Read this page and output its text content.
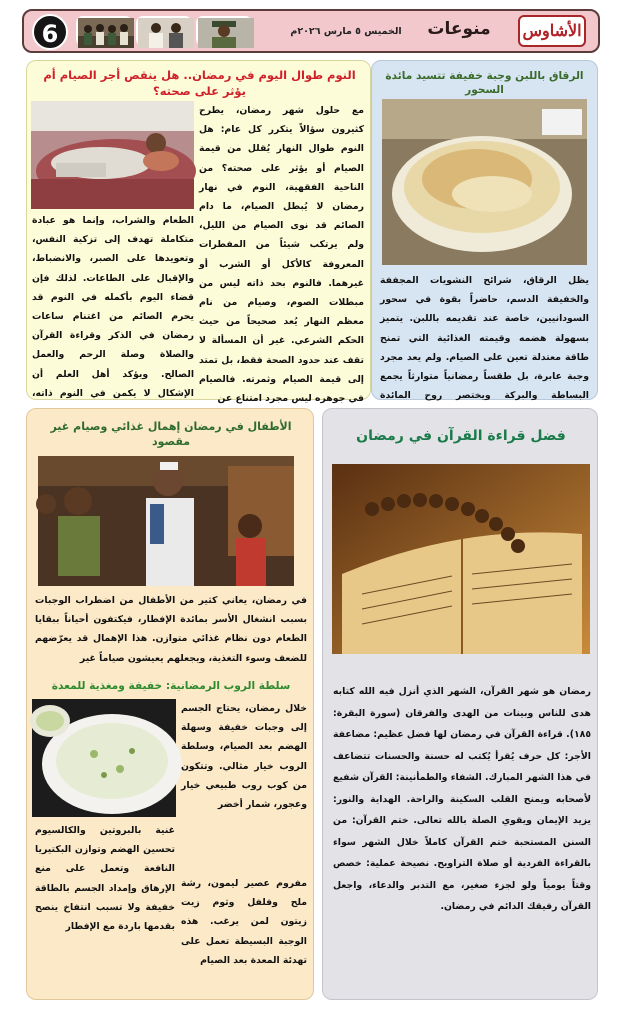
6	الخميس ٥ مارس ٢٠٢٦م	منوعات	الأشاوس
النوم طوال اليوم في رمضان.. هل ينقص أجر الصيام أم يؤثر على صحته؟
مع حلول شهر رمضان، يطرح كثيرون سؤالاً يتكرر كل عام: هل النوم طوال النهار يُقلل من قيمة الصيام أو يؤثر على صحته؟ من الناحية الفقهية، النوم في نهار رمضان لا يُبطل الصيام، ما دام الصائم قد نوى الصيام من الليل، ولم يرتكب شيئاً من المفطرات المعروفة كالأكل أو الشرب أو غيرهما. فالنوم بحد ذاته ليس من مبطلات الصوم، وصيام من نام معظم النهار يُعد صحيحاً من حيث الحكم الشرعي. غير أن المسألة لا تقف عند حدود الصحة فقط، بل تمتد إلى قيمة الصيام وثمرته. فالصيام في جوهره ليس مجرد امتناع عن
الطعام والشراب، وإنما هو عبادة متكاملة تهدف إلى تزكية النفس، وتعويدها على الصبر، والانضباط، والإقبال على الطاعات. لذلك فإن قضاء اليوم بأكمله في النوم قد يحرم الصائم من اغتنام ساعات رمضان في الذكر وقراءة القرآن والصلاة وصلة الرحم والعمل الصالح. ويؤكد أهل العلم أن الإشكال لا يكمن في النوم ذاته،
الرقاق باللبن وجبة خفيفة تتسيد مائدة السحور
يظل الرقاق، شرائح النشويات المجففة والخفيفة الدسم، حاضراً بقوة في سحور السودانيين، خاصة عند تقديمه باللبن. يتميز بسهولة هضمه وقيمته الغذائية التي تمنح طاقة معتدلة تعين على الصيام. ولم يعد مجرد وجبة عابرة، بل طقساً رمضانياً متوارثاً يجمع البساطة والبركة ويختصر روح المائدة
الأطفال في رمضان إهمال غذائي وصيام غير مقصود
في رمضان، يعاني كثير من الأطفال من اضطراب الوجبات بسبب انشغال الأسر بمائدة الإفطار، فيكتفون أحياناً ببقايا الطعام دون نظام غذائي متوازن. هذا الإهمال قد يعرّضهم للضعف وسوء التغذية، ويجعلهم يعيشون صياماً غير
سلطة الروب الرمضانية: خفيفة ومغذية للمعدة
خلال رمضان، يحتاج الجسم إلى وجبات خفيفة وسهلة الهضم بعد الصيام، وسلطة الروب خيار مثالي. وتتكون من كوب روب طبيعي خيار وعجور، شمار أخضر
غنية بالبروتين والكالسيوم تحسين الهضم وتوازن البكتيريا النافعة وتعمل على منع الإرهاق وإمداد الجسم بالطاقة خفيفة ولا تسبب انتفاخ ينصح بقدمها باردة مع الإفطار
مفروم عصير ليمون، رشة ملح وفلفل وثوم زيت زيتون لمن يرغب. هذه الوجبة البسيطة تعمل على تهدئة المعدة بعد الصيام
فضل قراءة القرآن في رمضان
رمضان هو شهر القرآن، الشهر الذي أنزل فيه الله كتابه هدى للناس وبينات من الهدى والفرقان (سورة البقرة: ١٨٥). قراءة القرآن في رمضان لها فضل عظيم: مضاعفة الأجر: كل حرف يُقرأ يُكتب له حسنة والحسنات تتضاعف في هذا الشهر المبارك. الشفاء والطمأنينة: القرآن شفيع لأصحابه ويمنح القلب السكينة والراحة. الهداية والنور: يزيد الإيمان ويقوي الصلة بالله تعالى. ختم القرآن: من السنن المستحبة ختم القرآن كاملاً خلال الشهر سواء بالقراءة الفردية أو صلاة التراويح. نصيحة عملية: خصص وقتاً يومياً ولو لجزء صغير، مع التدبر والدعاء، واجعل القرآن رفيقك الدائم في رمضان.
